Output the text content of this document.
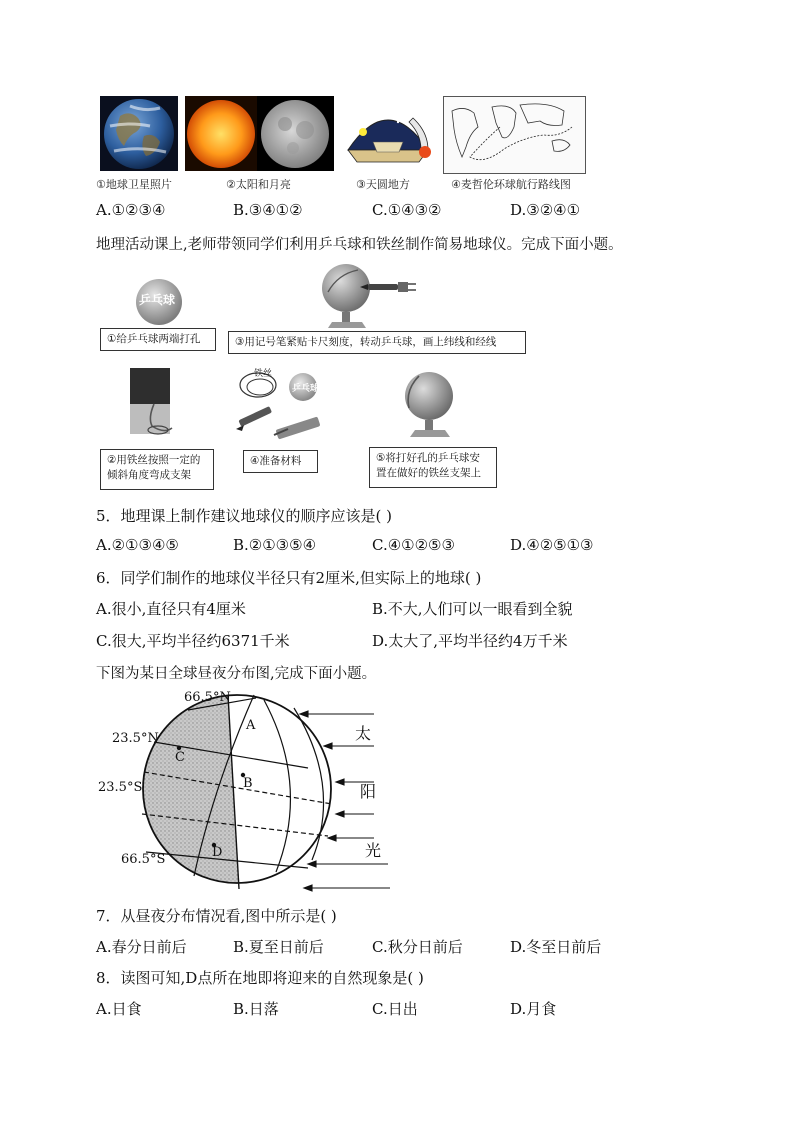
①地球卫星照片	②太阳和月亮	③天圆地方	④麦哲伦环球航行路线图
A.①②③④	B.③④①②	C.①④③②	D.③②④①
地理活动课上,老师带领同学们利用乒乓球和铁丝制作简易地球仪。完成下面小题。
乒乓球
①给乒乓球两端打孔	③用记号笔紧贴卡尺刻度，转动乒乓球，画上纬线和经线
铁丝
乒乓球
②用铁丝按照一定的倾斜角度弯成支架
④准备材料	⑤将打好孔的乒乓球安置在做好的铁丝支架上
5．地理课上制作建议地球仪的顺序应该是( )
A.②①③④⑤	B.②①③⑤④	C.④①②⑤③	D.④②⑤①③
6．同学们制作的地球仪半径只有2厘米,但实际上的地球( )
A.很小,直径只有4厘米	B.不大,人们可以一眼看到全貌
C.很大,平均半径约6371千米	D.太大了,平均半径约4万千米
下图为某日全球昼夜分布图,完成下面小题。
66.5°N
23.5°N
23.5°S
66.5°S
A
B
C
D
太
阳
光
7．从昼夜分布情况看,图中所示是( )
A.春分日前后	B.夏至日前后	C.秋分日前后	D.冬至日前后
8．读图可知,D点所在地即将迎来的自然现象是( )
A.日食	B.日落	C.日出	D.月食
